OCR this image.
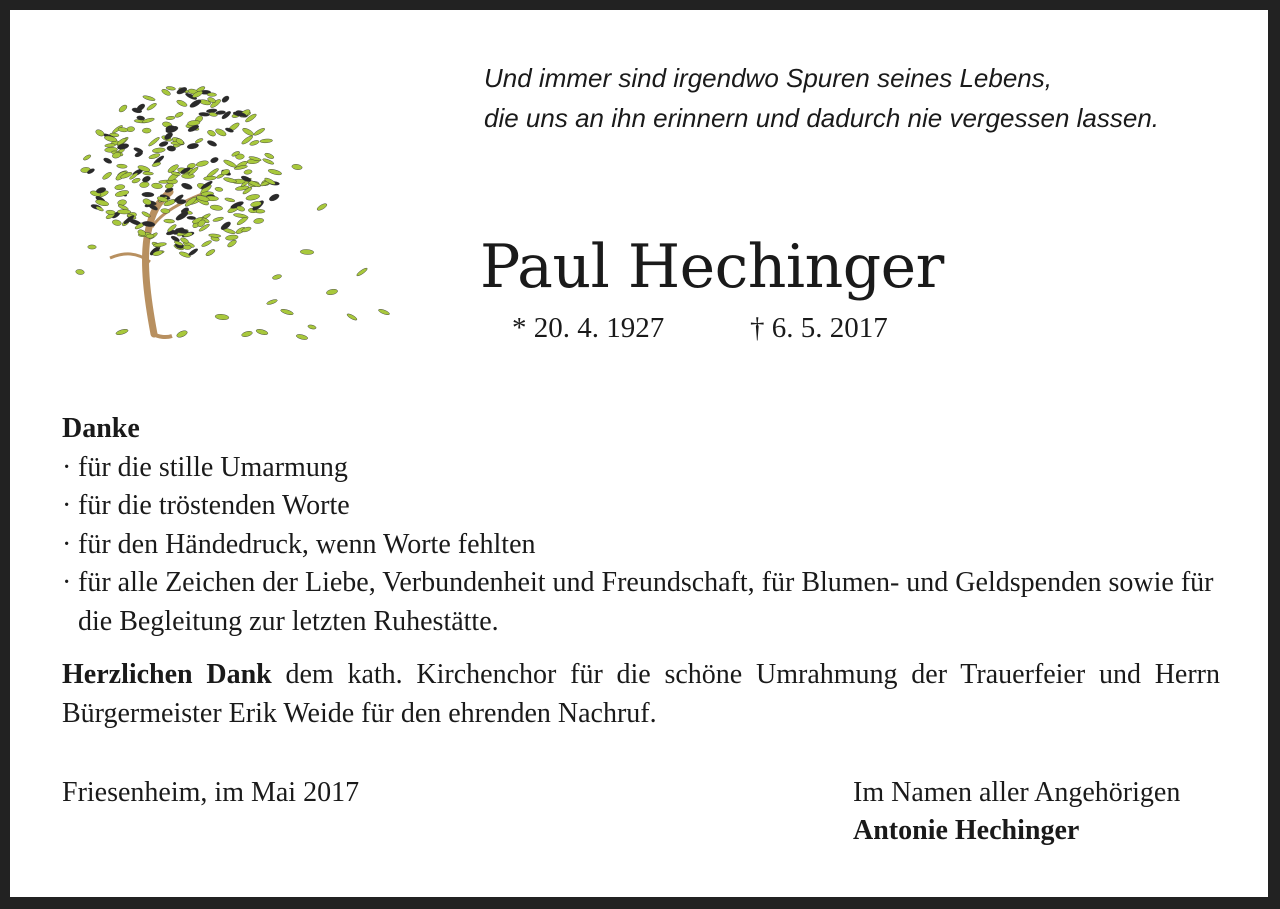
Und immer sind irgendwo Spuren seines Lebens,
die uns an ihn erinnern und dadurch nie vergessen lassen.
Paul Hechinger
* 20. 4. 1927	† 6. 5. 2017
Danke
· für die stille Umarmung
· für die tröstenden Worte
· für den Händedruck, wenn Worte fehlten
· für alle Zeichen der Liebe, Verbundenheit und Freundschaft, für Blumen- und Geldspenden sowie für die Begleitung zur letzten Ruhestätte.
Herzlichen Dank dem kath. Kirchenchor für die schöne Umrahmung der Trauerfeier und Herrn Bürgermeister Erik Weide für den ehrenden Nachruf.
Friesenheim, im Mai 2017	Im Namen aller Angehörigen
Antonie Hechinger
